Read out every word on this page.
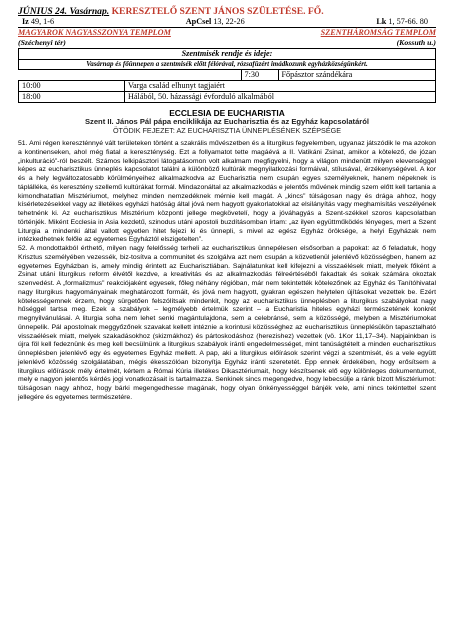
JÚNIUS 24. Vasárnap. KERESZTELŐ SZENT JÁNOS SZÜLETÉSE. FŐ.
Iz 49, 1-6	ApCsel 13, 22-26	Lk 1, 57-66. 80
MAGYAROK NAGYASSZONYA TEMPLOM	SZENTHÁROMSÁG TEMPLOM
(Széchenyi tér)	(Kossuth u.)
Szentmisék rendje és ideje:			
Vasárnap és főünnepen a szentmisék előtt félórával, rózsafüzért imádkozunk egyházközségünkért.			
		7:30	Főpásztor szándékára
10:00	Varga család elhunyt tagjaiért		
18:00	Hálából, 50. házassági évforduló alkalmából		
ECCLESIA DE EUCHARISTIA
Szent II. János Pál pápa enciklikája az Eucharisztia és az Egyház kapcsolatáról
ÖTÖDIK FEJEZET: AZ EUCHARISZTIA ÜNNEPLÉSÉNEK SZÉPSÉGE

51. Ami régen kereszténnyé vált területeken történt a szakrális művészetben és a liturgikus fegyelemben, ugyanaz játszódik le ma azokon a kontinenseken, ahol még fiatal a kereszténység. Ezt a follyamatot tette magáévá a II. Vatikáni Zsinat, amikor a kötelező, de józan „inkulturáció”-ról beszélt. Számos lelkipásztori látogatásomon volt alkalmam megfigyelni, hogy a világon mindenütt milyen elevenséggel képes az eucharisztikus ünneplés kapcsolatot találni a különböző kultúrák megnyilatkozási formáival, stílusával, érzékenységével. A kor és a hely legváltozatosabb körülményeihez alkalmazkodva az Eucharisztia nem csupán egyes személyeknek, hanem népeknek is táplálléka, és keresztény szellemű kultúrákat formál. Mindazonáltal az alkalmazkodás e jelentős művének mindig szem előtt kell tartania a kimondhatatlan Misztériumot, melyhez minden nemzedéknek mérnie kell magát. A „kincs” túlságosan nagy és drága ahhoz, hogy kísérletezésekkel vagy az illetékes egyházi hatóság által jóvá nem hagyott gyakorlatokkal az elsilányítás vagy meghamisítás veszélyének tehetnénk ki. Az eucharisztikus Misztérium központi jellege megkövetelí, hogy a jóváhagyás a Szent-székkel szoros kapcsolatban történjék. Miként Ecclesia in Asia kezdetű, szinodus utáni apostoli buzdításomban írtam: „az ilyen együttműködés lényeges, mert a Szent Liturgia a mindenki által vallott egyetlen hitet fejezi ki és ünnepli, s mivel az egész Egyház öröksége, a helyi Egyházak nem intézkedhetnek felőle az egyetemes Egyháztól elszigetelten”.

52. A mondottakból érthető, milyen nagy felelősség terheli az eucharisztikus ünnepélesen elsősorban a papokat: az ő feladatuk, hogy Krisztus személyében vezessék, biz-tosítva a communitet és szolgálva azt nem csupán a közvetlenül jelenlévő közösségben, hanem az egyetemes Egyházban is, amely mindig érintett az Eucharisztiában. Sajnálatunkat kell kifejezni a visszaélések miatt, melyek főként a Zsinat utáni liturgikus reform élvétől kezdve, a kreativitás és az alkalmazkodás félreértéséből fakadtak és sokak számára okoztak szenvedést. A „formalizmus” reakciójaként egyesek, főleg néhány régióban, már nem tekintették kötelezőnek az Egyház és Tanítóhivatal nagy liturgikus hagyományainak meghatározott formáit, és jóvá nem hagyott, gyakran egészen helytelen újításokat vezettek be. Ezért kötelességemnek érzem, hogy sürgetően felszólítsak mindenkit, hogy az eucharisztikus ünneplésben a liturgikus szabályokat nagy hűséggel tartsa meg. Ezek a szabályok – legmélyebb értelmük szerint – a Eucharistia hiteles egyházi természetének konkrét megnyilvánulásai. A liturgia soha nem lehet senki magántulajdona, sem a celebránsé, sem a közösségé, melyben a Misztériumokat ünnepelik. Pál apostolnak meggyőzőnek szavakat kellett intéznie a korintusi közösséghez az eucharisztikus ünneplésükön tapasztalható visszaélések miatt, melyek szakadásokhoz (skizmákhoz) és pártoskodáshoz (herezishez) vezettek (vö. 1Kor 11,17–34). Napjainkban is újra föl kell fedeznünk és meg kell becsülnünk a liturgikus szabályok iránti engedelmességet, mint tanúságtételt a minden eucharisztikus ünneplésben jelenlévő egy és egyetemes Egyház mellett. A pap, aki a liturgikus előírások szerint végzi a szentmisét, és a vele együtt jelenlévő közösség szolgálatában, mégis ékesszólóan bizonyítja Egyház iránti szeretetét. Épp ennek érdekében, hogy erősítsem a liturgikus előírások mély értelmét, kértem a Római Kúria illetékes Dikasztériumait, hogy készítsenek elő egy különleges dokumentumot, mely e nagyon jelentős kérdés jogi vonatkozásait is tartalmazza. Senkinek sincs megengedve, hogy lebecsülje a ránk bízott Misztériumot: túlságosan nagy ahhoz, hogy bárki megengedhesse magának, hogy olyan önkényességgel bánjék vele, ami nincs tekintettel szent jellegére és egyetemes természetére.
